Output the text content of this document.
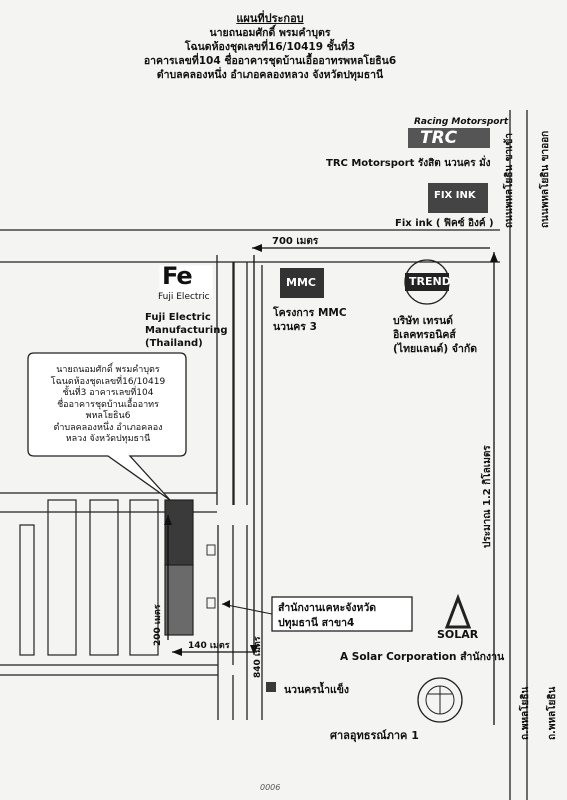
แผนที่ประกอบ
นายถนอมศักดิ์ พรมคำบุตร
โฉนดห้องชุดเลขที่16/10419 ชั้นที่3
อาคารเลขที่104 ชื่ออาคารชุดบ้านเอื้ออาทรพหลโยธิน6
ตำบลคลองหนึ่ง อำเภอคลองหลวง จังหวัดปทุมธานี
ถนนพหลโยธิน ขาเข้า	ถนนพหลโยธิน ขาออก
ถ.พหลโยธิน ถ.พหลโยธิน
Racing Motorsport
TRC
TRC Motorsport รังสิต นวนคร มั่ง
FIX INK
Fix ink ( ฟิคซ์ อิงค์ )
700 เมตร
Fe
Fuji Electric
Fuji Electric
Manufacturing
(Thailand)
MMC
โครงการ MMC
นวนคร 3
TREND
บริษัท เทรนด์
อิเลคทรอนิคส์
(ไทยแลนด์) จำกัด
นายถนอมศักดิ์ พรมคำบุตร
โฉนดห้องชุดเลขที่16/10419
ชั้นที่3 อาคารเลขที่104
ชื่ออาคารชุดบ้านเอื้ออาทร
พหลโยธิน6
ตำบลคลองหนึ่ง อำเภอคลอง
หลวง จังหวัดปทุมธานี
ประมาณ 1.2 กิโลเมตร
200 เมตร
840 เมตร
140 เมตร
สำนักงานเคหะจังหวัด
ปทุมธานี สาขา4
SOLAR
A Solar Corporation สำนักงาน
นวนครน้ำแข็ง
ศาลอุทธรณ์ภาค 1
0006
